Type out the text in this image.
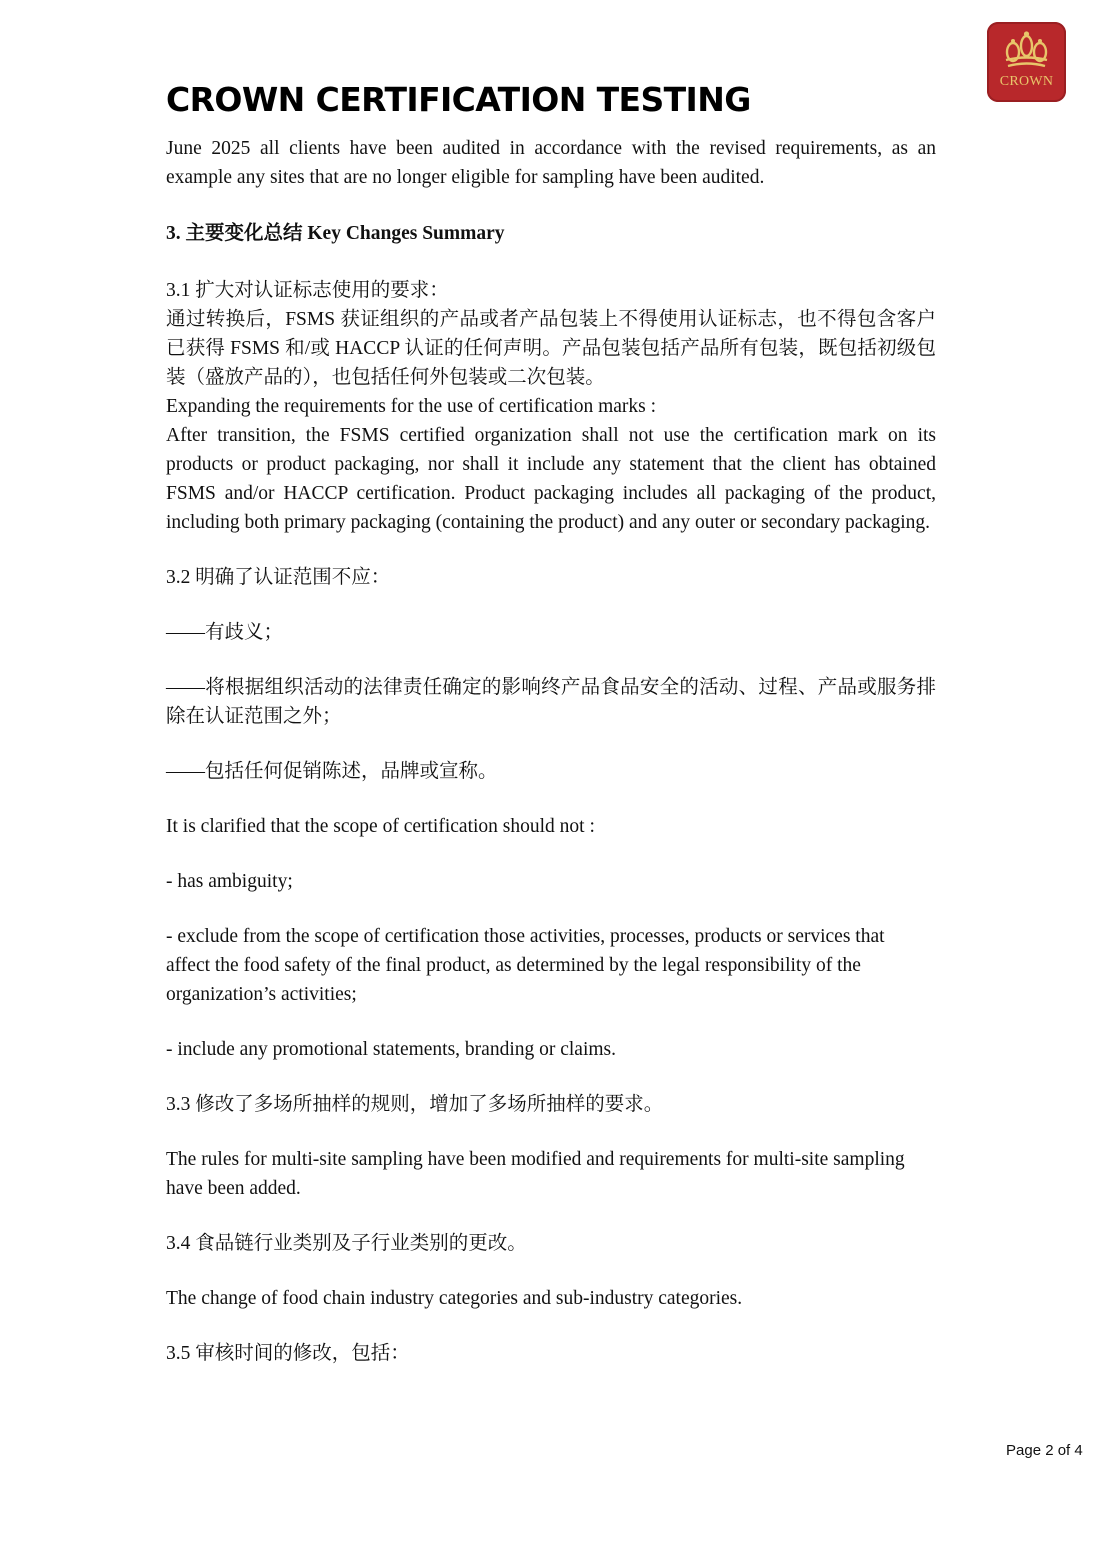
CROWN
CROWN CERTIFICATION TESTING

June 2025 all clients have been audited in accordance with the revised requirements, as an example any sites that are no longer eligible for sampling have been audited.

3. 主要变化总结 Key Changes Summary

3.1 扩大对认证标志使用的要求：

通过转换后，FSMS 获证组织的产品或者产品包装上不得使用认证标志，也不得包含客户已获得 FSMS 和/或 HACCP 认证的任何声明。产品包装包括产品所有包装，既包括初级包装（盛放产品的），也包括任何外包装或二次包装。

Expanding the requirements for the use of certification marks :

After transition, the FSMS certified organization shall not use the certification mark on its products or product packaging, nor shall it include any statement that the client has obtained FSMS and/or HACCP certification. Product packaging includes all packaging of the product, including both primary packaging (containing the product) and any outer or secondary packaging.

3.2 明确了认证范围不应：

——有歧义；

——将根据组织活动的法律责任确定的影响终产品食品安全的活动、过程、产品或服务排除在认证范围之外；

——包括任何促销陈述，品牌或宣称。

It is clarified that the scope of certification should not :

- has ambiguity;

- exclude from the scope of certification those activities, processes, products or services that affect the food safety of the final product, as determined by the legal responsibility of the organization’s activities;

- include any promotional statements, branding or claims.

3.3 修改了多场所抽样的规则，增加了多场所抽样的要求。

The rules for multi-site sampling have been modified and requirements for multi-site sampling have been added.

3.4 食品链行业类别及子行业类别的更改。

The change of food chain industry categories and sub-industry categories.

3.5 审核时间的修改，包括：

Page 2 of 4
